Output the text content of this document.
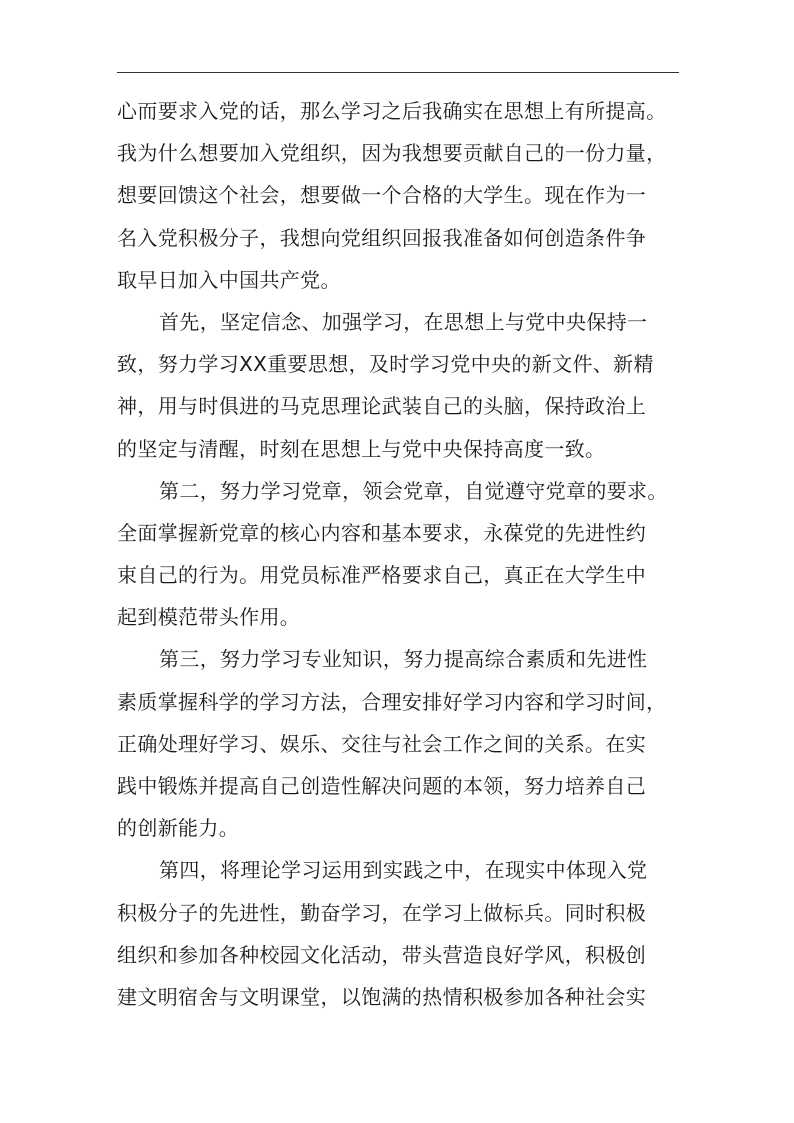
心而要求入党的话，那么学习之后我确实在思想上有所提高。
我为什么想要加入党组织，因为我想要贡献自己的一份力量，
想要回馈这个社会，想要做一个合格的大学生。现在作为一
名入党积极分子，我想向党组织回报我准备如何创造条件争
取早日加入中国共产党。
首先，坚定信念、加强学习，在思想上与党中央保持一
致，努力学习XX重要思想，及时学习党中央的新文件、新精
神，用与时俱进的马克思理论武装自己的头脑，保持政治上
的坚定与清醒，时刻在思想上与党中央保持高度一致。
第二，努力学习党章，领会党章，自觉遵守党章的要求。
全面掌握新党章的核心内容和基本要求，永葆党的先进性约
束自己的行为。用党员标准严格要求自己，真正在大学生中
起到模范带头作用。
第三，努力学习专业知识，努力提高综合素质和先进性
素质掌握科学的学习方法，合理安排好学习内容和学习时间，
正确处理好学习、娱乐、交往与社会工作之间的关系。在实
践中锻炼并提高自己创造性解决问题的本领，努力培养自己
的创新能力。
第四，将理论学习运用到实践之中，在现实中体现入党
积极分子的先进性，勤奋学习，在学习上做标兵。同时积极
组织和参加各种校园文化活动，带头营造良好学风，积极创
建文明宿舍与文明课堂，以饱满的热情积极参加各种社会实
